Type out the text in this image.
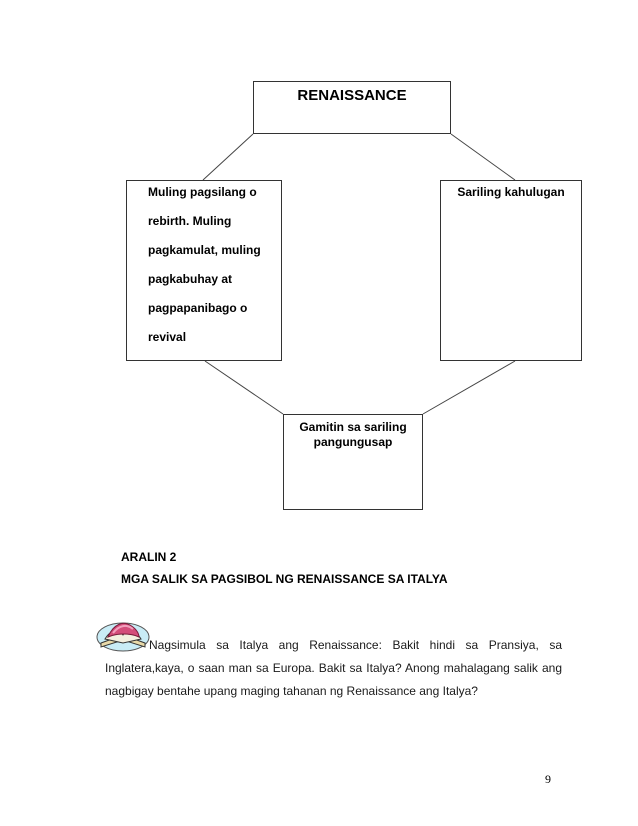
RENAISSANCE
Muling pagsilang o
rebirth. Muling
pagkamulat, muling
pagkabuhay at
pagpapanibago o
revival
Sariling kahulugan
Gamitin sa sariling pangungusap
ARALIN 2
MGA SALIK SA PAGSIBOL NG RENAISSANCE SA ITALYA
Nagsimula sa Italya ang Renaissance: Bakit hindi sa Pransiya, sa Inglatera,kaya, o saan man sa Europa. Bakit sa Italya? Anong mahalagang salik ang nagbigay bentahe upang maging tahanan ng Renaissance ang Italya?
9
